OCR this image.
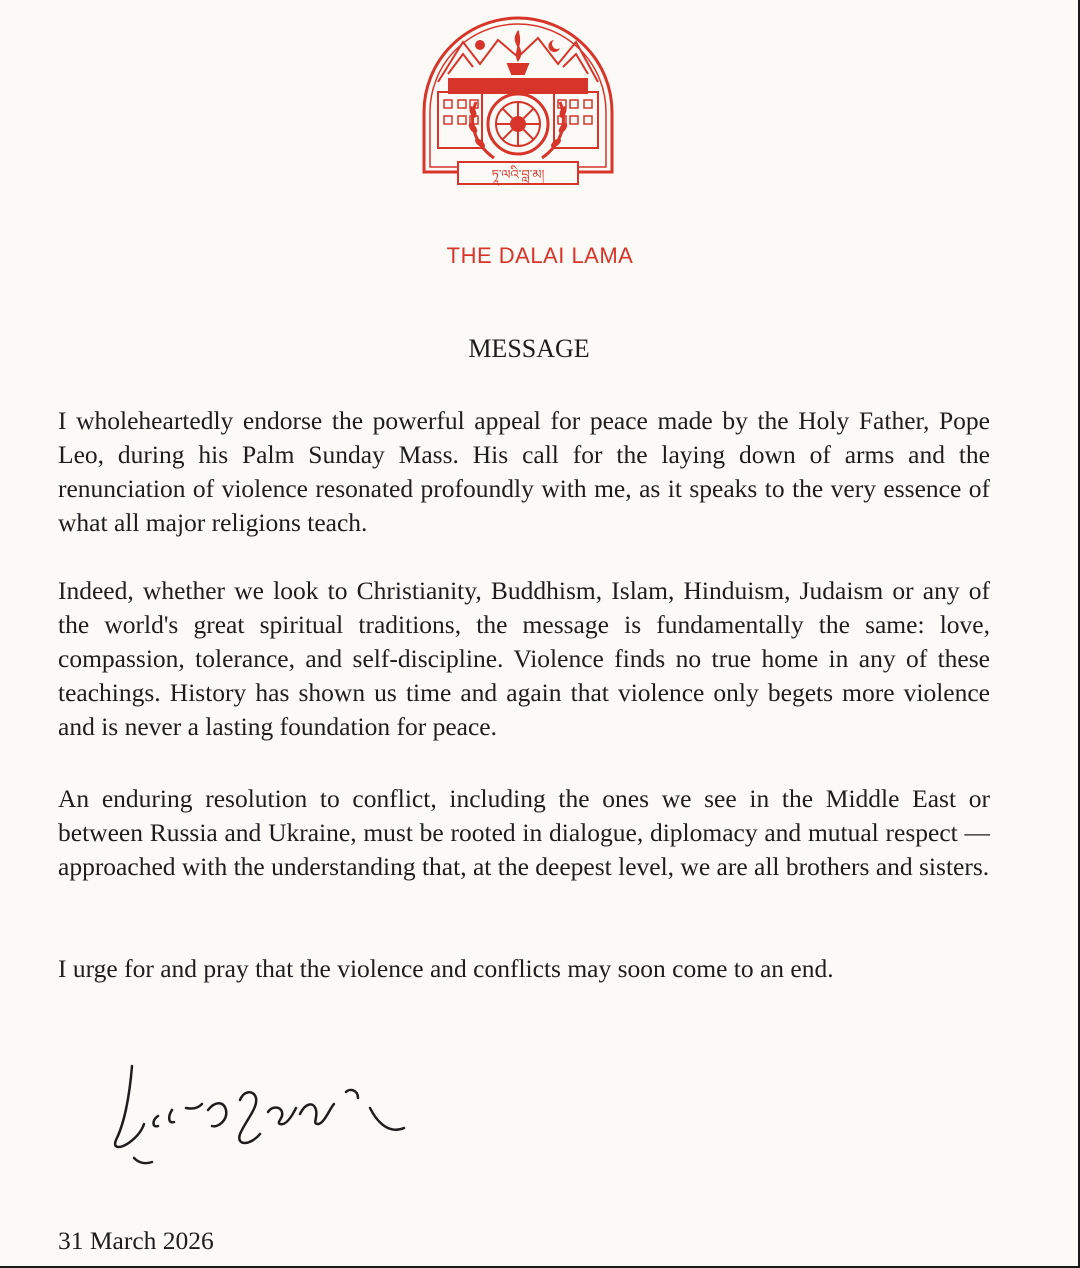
ཏཱ་ལའི་བླ་མ།
THE DALAI LAMA
MESSAGE
I wholeheartedly endorse the powerful appeal for peace made by the Holy Father, Pope Leo, during his Palm Sunday Mass. His call for the laying down of arms and the renunciation of violence resonated profoundly with me, as it speaks to the very essence of what all major religions teach.
Indeed, whether we look to Christianity, Buddhism, Islam, Hinduism, Judaism or any of the world's great spiritual traditions, the message is fundamentally the same: love, compassion, tolerance, and self-discipline. Violence finds no true home in any of these teachings. History has shown us time and again that violence only begets more violence and is never a lasting foundation for peace.
An enduring resolution to conflict, including the ones we see in the Middle East or between Russia and Ukraine, must be rooted in dialogue, diplomacy and mutual respect — approached with the understanding that, at the deepest level, we are all brothers and sisters.
I urge for and pray that the violence and conflicts may soon come to an end.
31 March 2026
